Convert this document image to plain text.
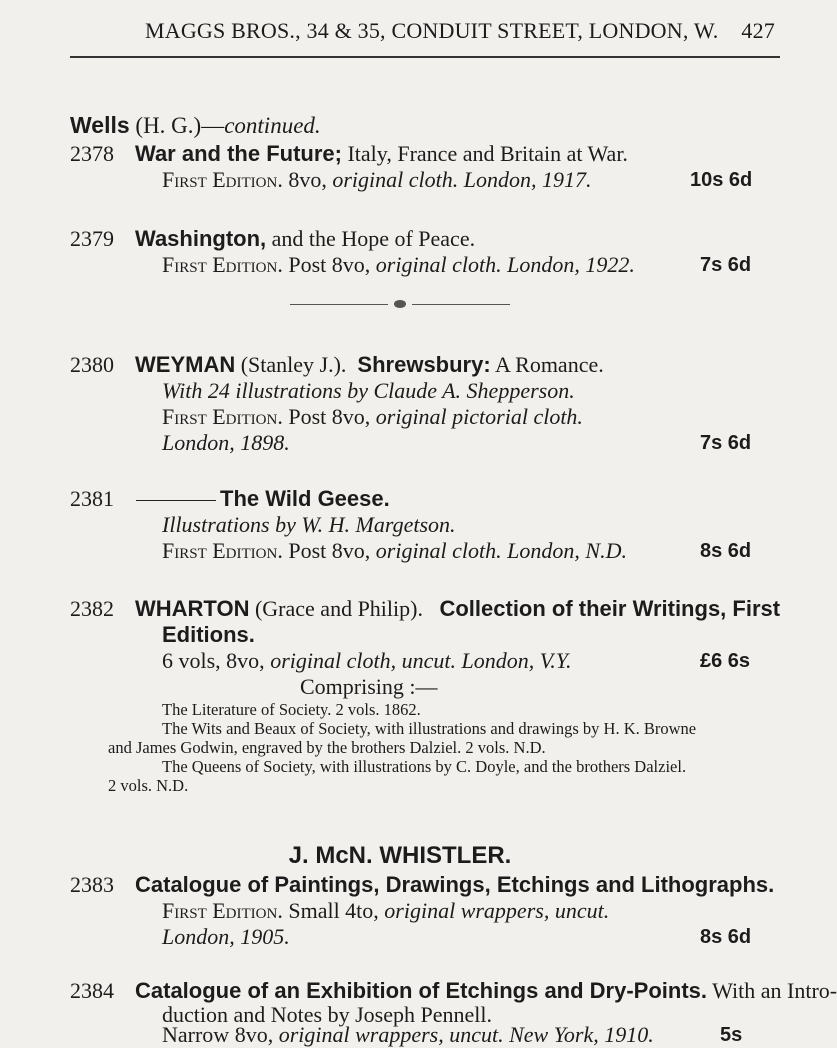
MAGGS BROS., 34 & 35, CONDUIT STREET, LONDON, W. 427
Wells (H. G.)—continued.
2378 War and the Future; Italy, France and Britain at War.
First Edition. 8vo, original cloth. London, 1917.	10s 6d
2379 Washington, and the Hope of Peace.
First Edition. Post 8vo, original cloth. London, 1922.	7s 6d
2380 WEYMAN (Stanley J.). Shrewsbury: A Romance.
With 24 illustrations by Claude A. Shepperson.
First Edition. Post 8vo, original pictorial cloth.
London, 1898.	7s 6d
2381	The Wild Geese.
Illustrations by W. H. Margetson.
First Edition. Post 8vo, original cloth. London, N.D.	8s 6d
2382 WHARTON (Grace and Philip). Collection of their Writings, First
Editions.
6 vols, 8vo, original cloth, uncut. London, V.Y.	£6 6s
Comprising :—
The Literature of Society. 2 vols. 1862.
The Wits and Beaux of Society, with illustrations and drawings by H. K. Browne
and James Godwin, engraved by the brothers Dalziel. 2 vols. N.D.
The Queens of Society, with illustrations by C. Doyle, and the brothers Dalziel.
2 vols. N.D.
J. McN. WHISTLER.
2383 Catalogue of Paintings, Drawings, Etchings and Lithographs.
First Edition. Small 4to, original wrappers, uncut.
London, 1905.	8s 6d
2384 Catalogue of an Exhibition of Etchings and Dry-Points. With an Intro-
duction and Notes by Joseph Pennell.
Narrow 8vo, original wrappers, uncut. New York, 1910.	5s
